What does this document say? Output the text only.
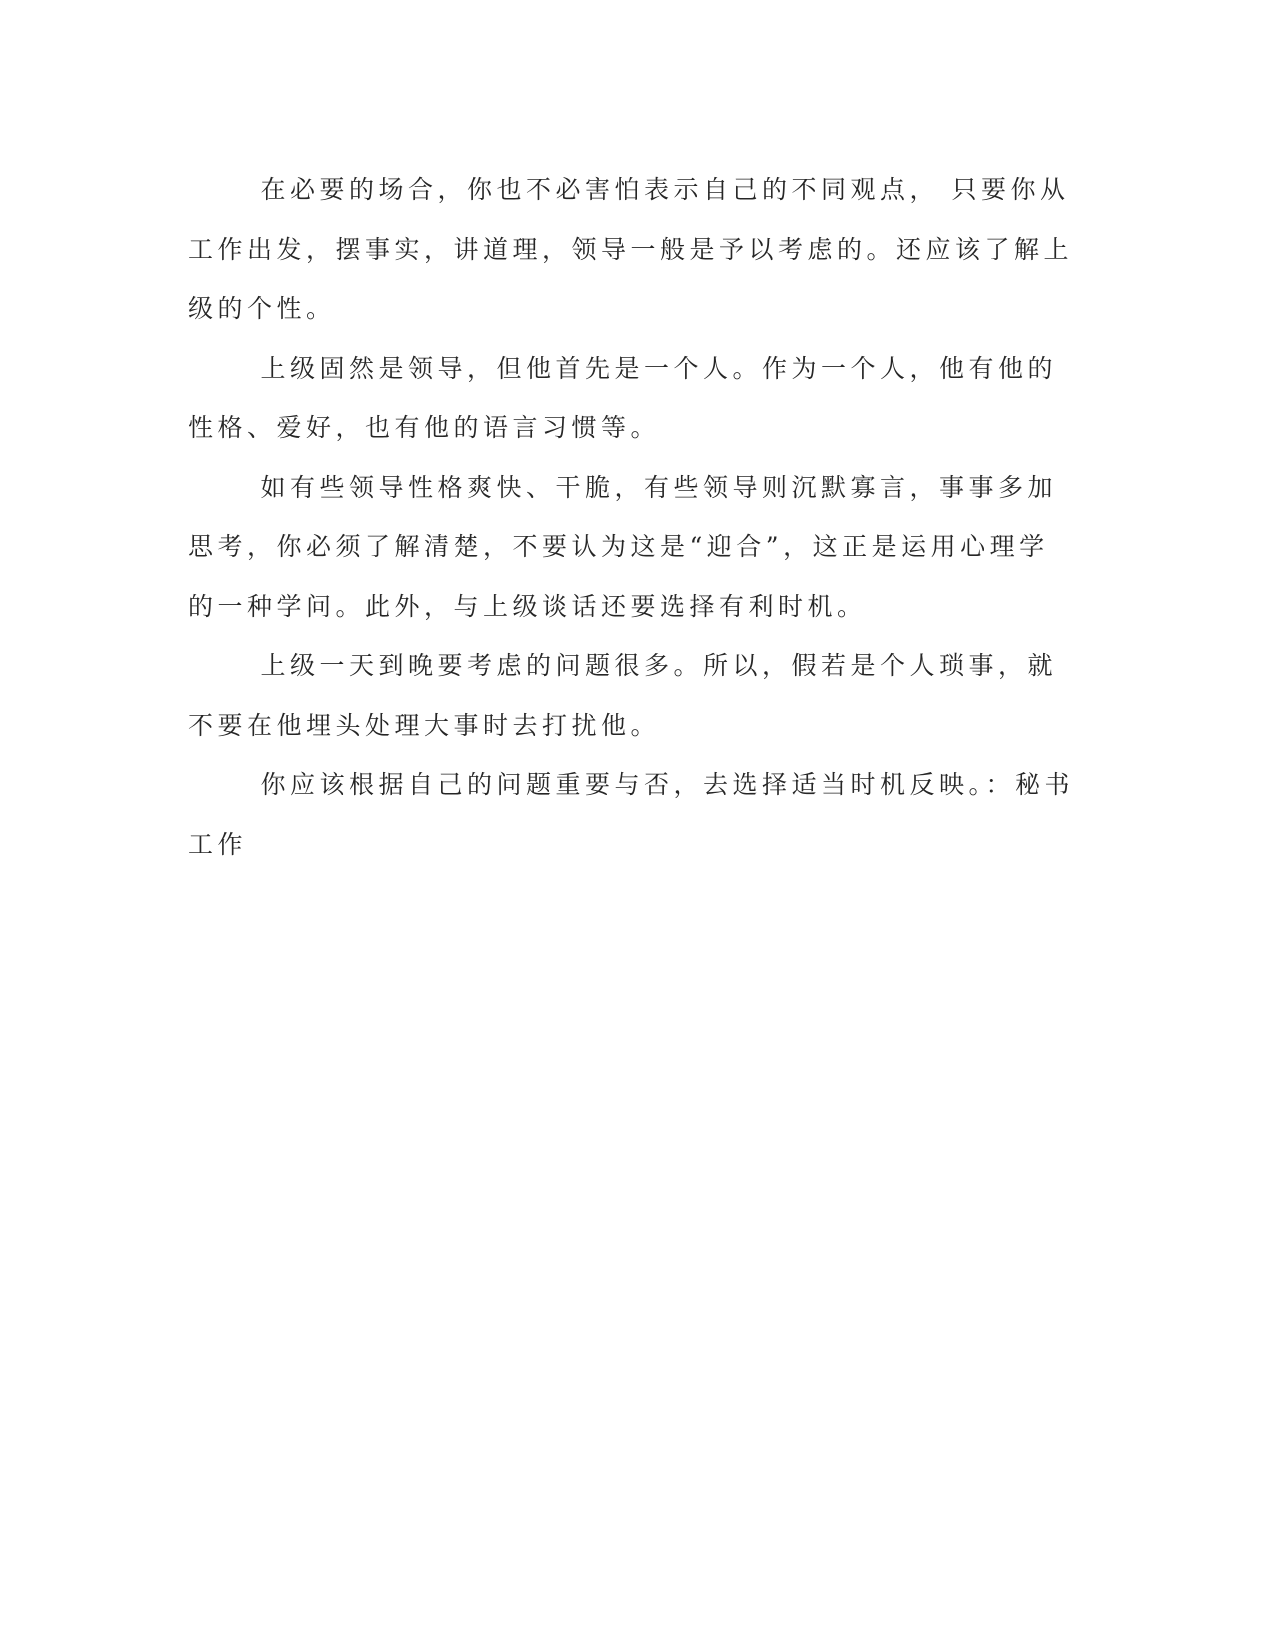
在必要的场合，你也不必害怕表示自己的不同观点， 只要你从工作出发，摆事实，讲道理，领导一般是予以考虑的。还应该了解上级的个性。

上级固然是领导，但他首先是一个人。作为一个人，他有他的性格、爱好，也有他的语言习惯等。

如有些领导性格爽快、干脆，有些领导则沉默寡言，事事多加思考，你必须了解清楚，不要认为这是“迎合”，这正是运用心理学的一种学问。此外，与上级谈话还要选择有利时机。

上级一天到晚要考虑的问题很多。所以，假若是个人琐事，就不要在他埋头处理大事时去打扰他。

你应该根据自己的问题重要与否，去选择适当时机反映。：秘书工作
